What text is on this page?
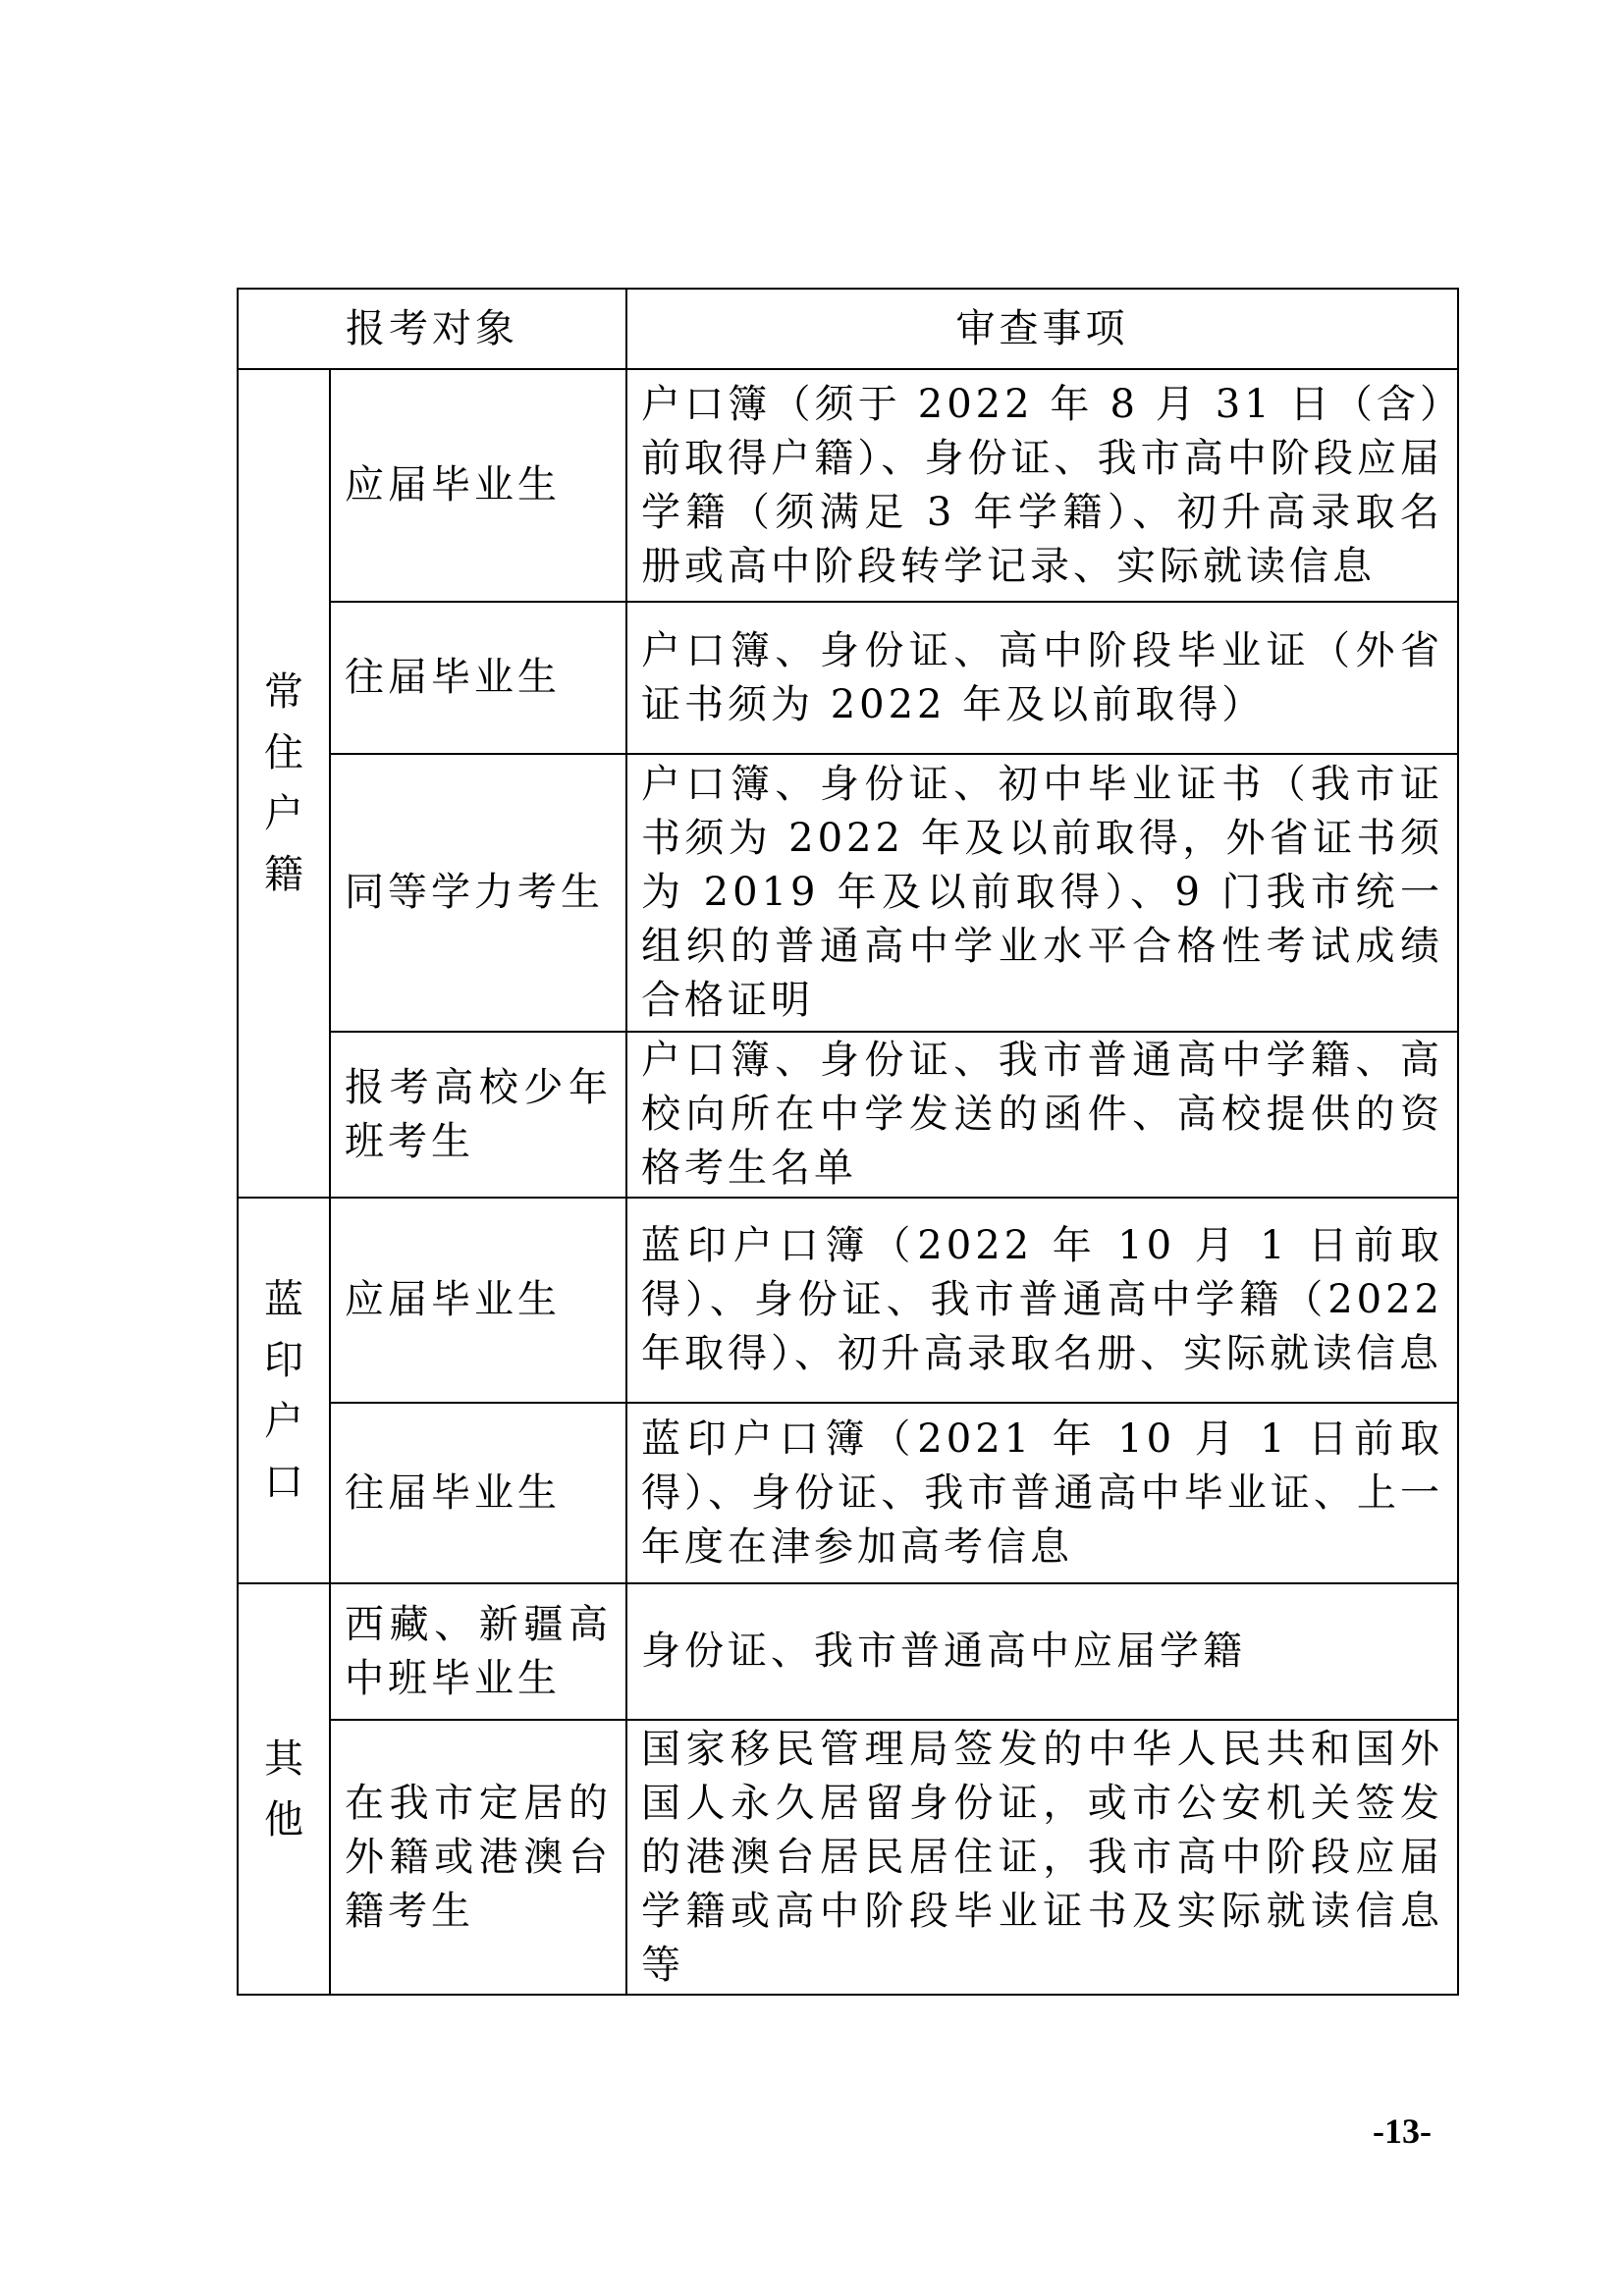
报考对象		审查事项
常住户籍	应届毕业生	户口簿（须于 2022 年 8 月 31 日（含）前取得户籍）、身份证、我市高中阶段应届学籍（须满足 3 年学籍）、初升高录取名册或高中阶段转学记录、实际就读信息
	往届毕业生	户口簿、身份证、高中阶段毕业证（外省证书须为 2022 年及以前取得）
	同等学力考生	户口簿、身份证、初中毕业证书（我市证书须为 2022 年及以前取得，外省证书须为 2019 年及以前取得）、9 门我市统一组织的普通高中学业水平合格性考试成绩合格证明
	报考高校少年班考生	户口簿、身份证、我市普通高中学籍、高校向所在中学发送的函件、高校提供的资格考生名单
蓝印户口	应届毕业生	蓝印户口簿（2022 年 10 月 1 日前取得）、身份证、我市普通高中学籍（2022 年取得）、初升高录取名册、实际就读信息
	往届毕业生	蓝印户口簿（2021 年 10 月 1 日前取得）、身份证、我市普通高中毕业证、上一年度在津参加高考信息
其他	西藏、新疆高中班毕业生	身份证、我市普通高中应届学籍
	在我市定居的外籍或港澳台籍考生	国家移民管理局签发的中华人民共和国外国人永久居留身份证，或市公安机关签发的港澳台居民居住证，我市高中阶段应届学籍或高中阶段毕业证书及实际就读信息等
-13-
